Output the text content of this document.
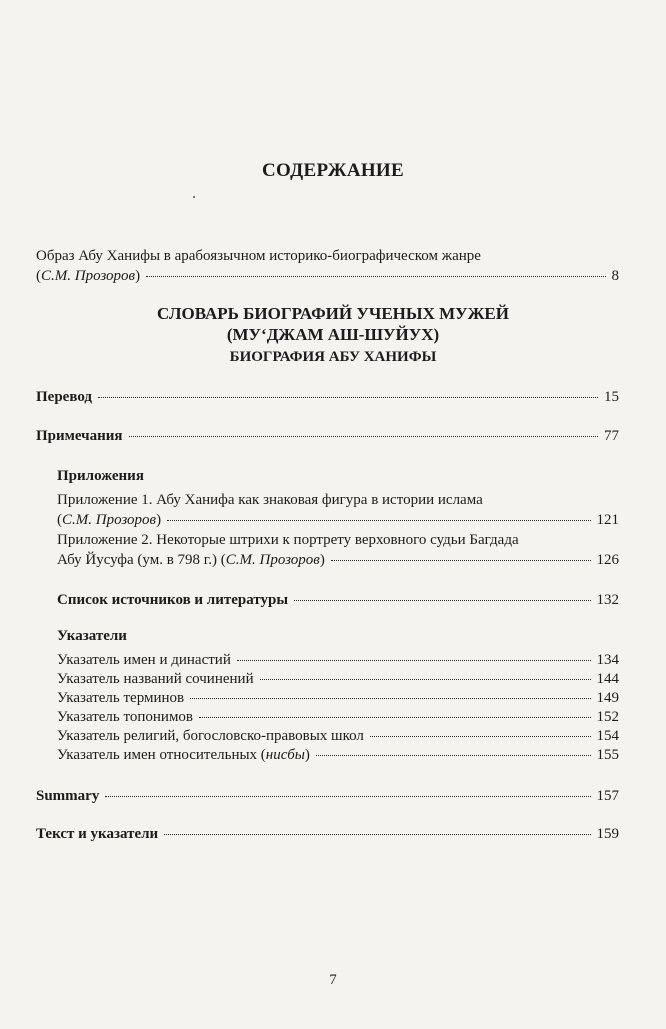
СОДЕРЖАНИЕ
Образ Абу Ханифы в арабоязычном историко-биографическом жанре
(С.М. Прозоров)	8
СЛОВАРЬ БИОГРАФИЙ УЧЕНЫХ МУЖЕЙ
(МУ‘ДЖАМ АШ-ШУЙУХ)
БИОГРАФИЯ АБУ ХАНИФЫ
Перевод	15
Примечания	77
Приложения
Приложение 1. Абу Ханифа как знаковая фигура в истории ислама
(С.М. Прозоров)	121
Приложение 2. Некоторые штрихи к портрету верховного судьи Багдада
Абу Йусуфа (ум. в 798 г.) (С.М. Прозоров)	126
Список источников и литературы	132
Указатели
Указатель имен и династий	134
Указатель названий сочинений	144
Указатель терминов	149
Указатель топонимов	152
Указатель религий, богословско-правовых школ	154
Указатель имен относительных (нисбы)	155
Summary	157
Текст и указатели	159
7
